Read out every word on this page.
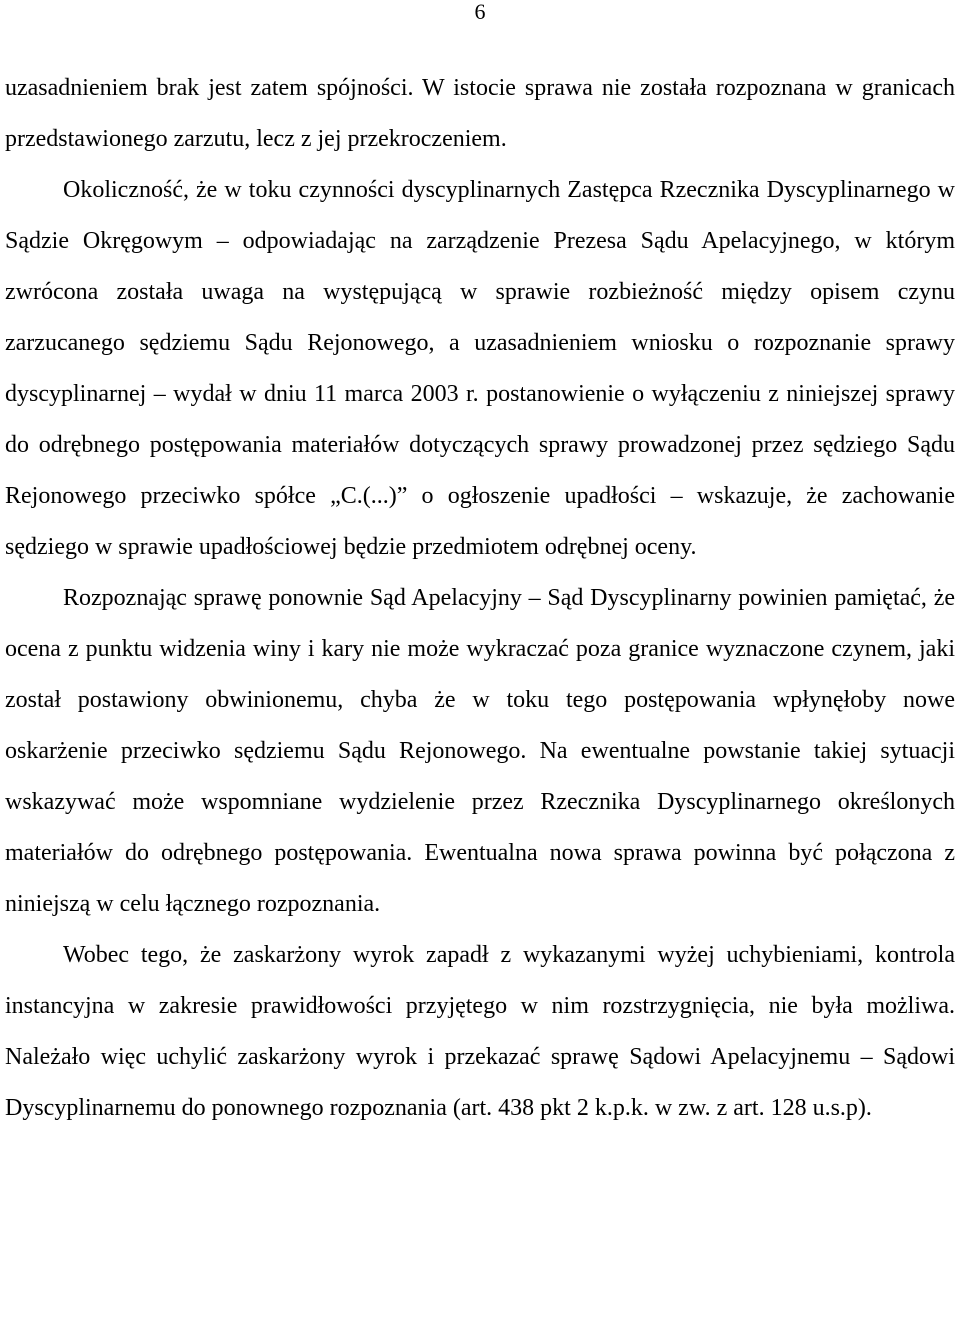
6

uzasadnieniem brak jest zatem spójności. W istocie sprawa nie została rozpoznana w granicach przedstawionego zarzutu, lecz z jej przekroczeniem.

Okoliczność, że w toku czynności dyscyplinarnych Zastępca Rzecznika Dyscyplinarnego w Sądzie Okręgowym – odpowiadając na zarządzenie Prezesa Sądu Apelacyjnego, w którym zwrócona została uwaga na występującą w sprawie rozbieżność między opisem czynu zarzucanego sędziemu Sądu Rejonowego, a uzasadnieniem wniosku o rozpoznanie sprawy dyscyplinarnej – wydał w dniu 11 marca 2003 r. postanowienie o wyłączeniu z niniejszej sprawy do odrębnego postępowania materiałów dotyczących sprawy prowadzonej przez sędziego Sądu Rejonowego przeciwko spółce „C.(...)” o ogłoszenie upadłości – wskazuje, że zachowanie sędziego w sprawie upadłościowej będzie przedmiotem odrębnej oceny.

Rozpoznając sprawę ponownie Sąd Apelacyjny – Sąd Dyscyplinarny powinien pamiętać, że ocena z punktu widzenia winy i kary nie może wykraczać poza granice wyznaczone czynem, jaki został postawiony obwinionemu, chyba że w toku tego postępowania wpłynęłoby nowe oskarżenie przeciwko sędziemu Sądu Rejonowego. Na ewentualne powstanie takiej sytuacji wskazywać może wspomniane wydzielenie przez Rzecznika Dyscyplinarnego określonych materiałów do odrębnego postępowania. Ewentualna nowa sprawa powinna być połączona z niniejszą w celu łącznego rozpoznania.

Wobec tego, że zaskarżony wyrok zapadł z wykazanymi wyżej uchybieniami, kontrola instancyjna w zakresie prawidłowości przyjętego w nim rozstrzygnięcia, nie była możliwa. Należało więc uchylić zaskarżony wyrok i przekazać sprawę Sądowi Apelacyjnemu – Sądowi Dyscyplinarnemu do ponownego rozpoznania (art. 438 pkt 2 k.p.k. w zw. z art. 128 u.s.p).
